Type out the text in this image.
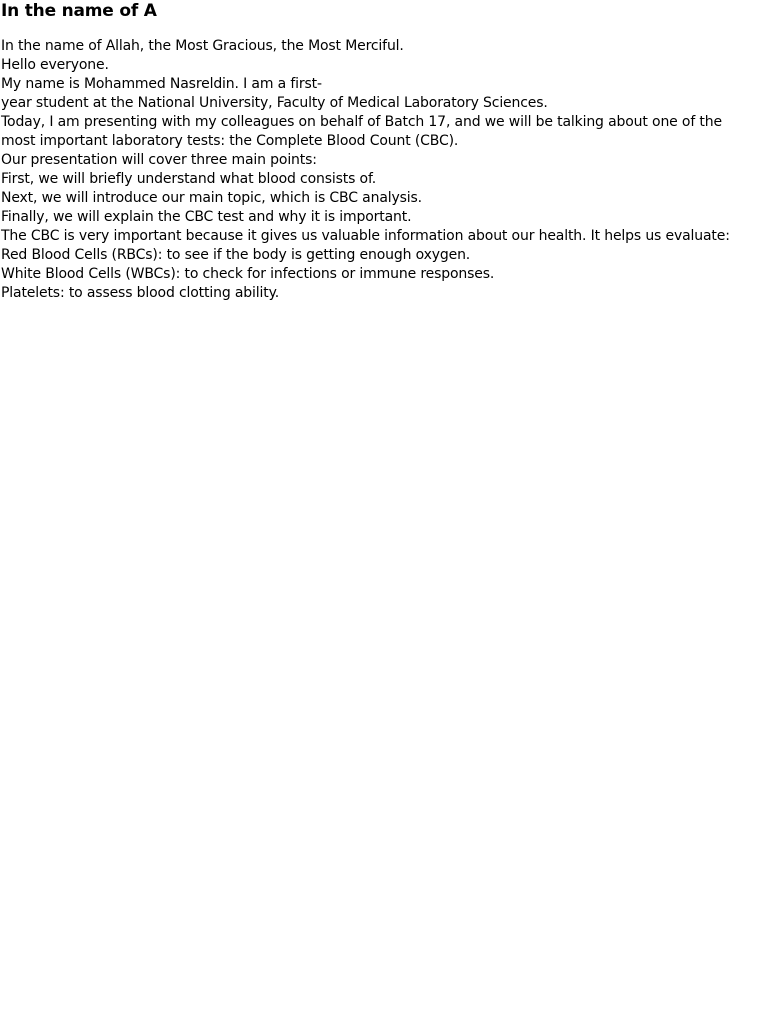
In the name of A
In the name of Allah, the Most Gracious, the Most Merciful.
Hello everyone.
My name is Mohammed Nasreldin. I am a first-
year student at the National University, Faculty of Medical Laboratory Sciences.
Today, I am presenting with my colleagues on behalf of Batch 17, and we will be talking about one of the
most important laboratory tests: the Complete Blood Count (CBC).
Our presentation will cover three main points:
First, we will briefly understand what blood consists of.
Next, we will introduce our main topic, which is CBC analysis.
Finally, we will explain the CBC test and why it is important.
The CBC is very important because it gives us valuable information about our health. It helps us evaluate:
Red Blood Cells (RBCs): to see if the body is getting enough oxygen.
White Blood Cells (WBCs): to check for infections or immune responses.
Platelets: to assess blood clotting ability.
